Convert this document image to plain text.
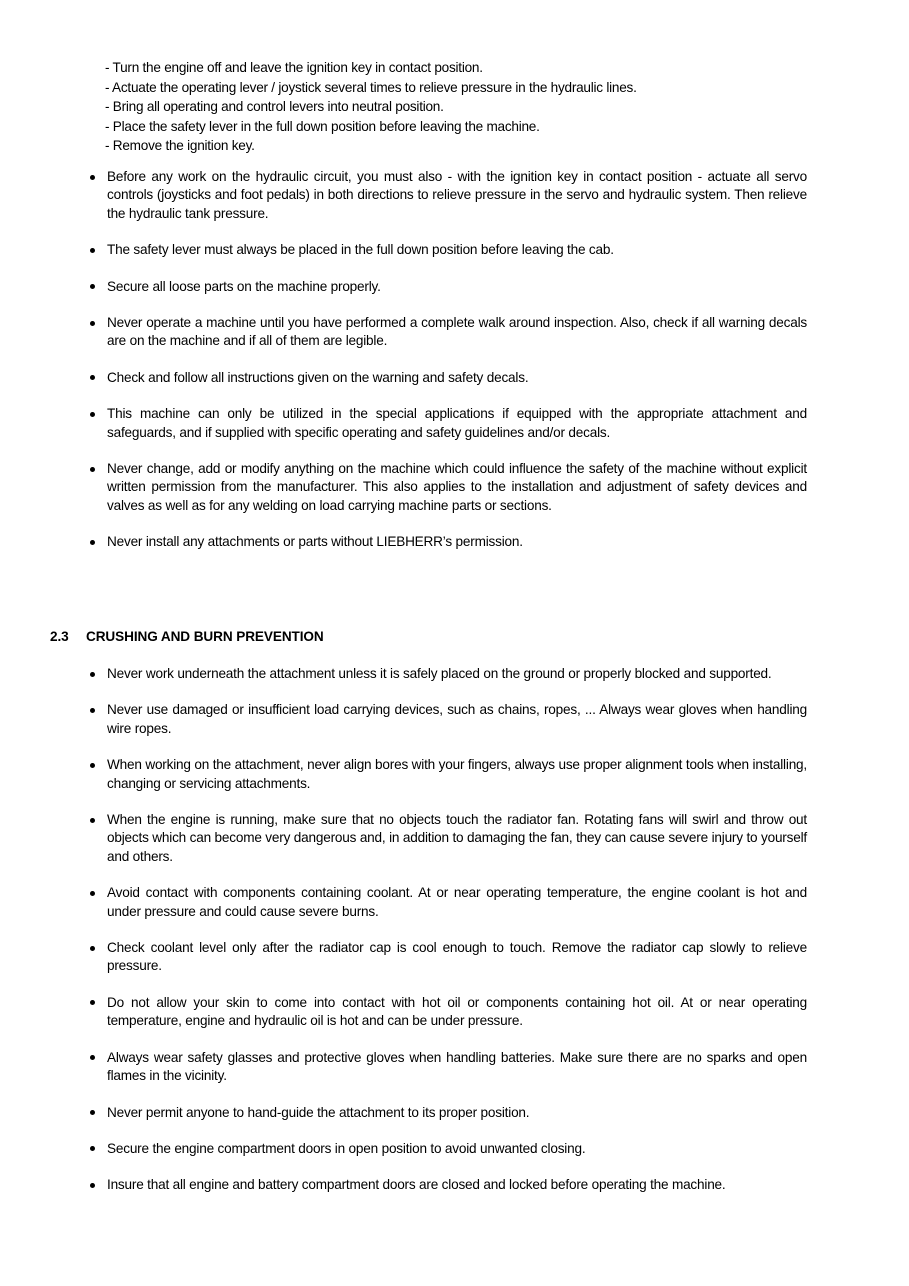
- Turn the engine off and leave the ignition key in contact position.
- Actuate the operating lever / joystick several times to relieve pressure in the hydraulic lines.
- Bring all operating and control levers into neutral position.
- Place the safety lever in the full down position before leaving the machine.
- Remove the ignition key.
Before any work on the hydraulic circuit, you must also - with the ignition key in contact position - actuate all servo controls (joysticks and foot pedals) in both directions to relieve pressure in the servo and hydraulic system. Then relieve the hydraulic tank pressure.
The safety lever must always be placed in the full down position before leaving the cab.
Secure all loose parts on the machine properly.
Never operate a machine until you have performed a complete walk around inspection. Also, check if all warning decals are on the machine and if all of them are legible.
Check and follow all instructions given on the warning and safety decals.
This machine can only be utilized in the special applications if equipped with the appropriate attachment and safeguards, and if supplied with specific operating and safety guidelines and/or decals.
Never change, add or modify anything on the machine which could influence the safety of the machine without explicit written permission from the manufacturer. This also applies to the installation and adjustment of safety devices and valves as well as for any welding on load carrying machine parts or sections.
Never install any attachments or parts without LIEBHERR’s permission.
2.3 CRUSHING AND BURN PREVENTION
Never work underneath the attachment unless it is safely placed on the ground or properly blocked and supported.
Never use damaged or insufficient load carrying devices, such as chains, ropes, ... Always wear gloves when handling wire ropes.
When working on the attachment, never align bores with your fingers, always use proper alignment tools when installing, changing or servicing attachments.
When the engine is running, make sure that no objects touch the radiator fan. Rotating fans will swirl and throw out objects which can become very dangerous and, in addition to damaging the fan, they can cause severe injury to yourself and others.
Avoid contact with components containing coolant. At or near operating temperature, the engine coolant is hot and under pressure and could cause severe burns.
Check coolant level only after the radiator cap is cool enough to touch. Remove the radiator cap slowly to relieve pressure.
Do not allow your skin to come into contact with hot oil or components containing hot oil. At or near operating temperature, engine and hydraulic oil is hot and can be under pressure.
Always wear safety glasses and protective gloves when handling batteries. Make sure there are no sparks and open flames in the vicinity.
Never permit anyone to hand-guide the attachment to its proper position.
Secure the engine compartment doors in open position to avoid unwanted closing.
Insure that all engine and battery compartment doors are closed and locked before operating the machine.
